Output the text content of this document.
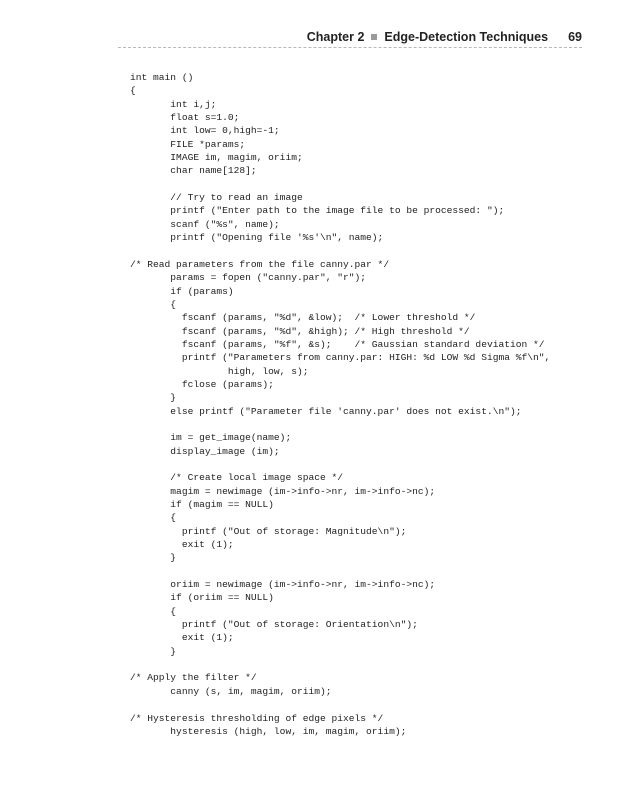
Chapter 2 Edge-Detection Techniques 69
int main ()
{
int i,j;
float s=1.0;
int low= 0,high=-1;
FILE *params;
IMAGE im, magim, oriim;
char name[128];
// Try to read an image
printf ("Enter path to the image file to be processed: ");
scanf ("%s", name);
printf ("Opening file '%s'\n", name);
/* Read parameters from the file canny.par */
params = fopen ("canny.par", "r");
if (params)
{
fscanf (params, "%d", &low);  /* Lower threshold */
fscanf (params, "%d", &high); /* High threshold */
fscanf (params, "%f", &s);    /* Gaussian standard deviation */
printf ("Parameters from canny.par: HIGH: %d LOW %d Sigma %f\n",
high, low, s);
fclose (params);
}
else printf ("Parameter file 'canny.par' does not exist.\n");
im = get_image(name);
display_image (im);
/* Create local image space */
magim = newimage (im->info->nr, im->info->nc);
if (magim == NULL)
{
printf ("Out of storage: Magnitude\n");
exit (1);
}
oriim = newimage (im->info->nr, im->info->nc);
if (oriim == NULL)
{
printf ("Out of storage: Orientation\n");
exit (1);
}
/* Apply the filter */
canny (s, im, magim, oriim);
/* Hysteresis thresholding of edge pixels */
hysteresis (high, low, im, magim, oriim);
